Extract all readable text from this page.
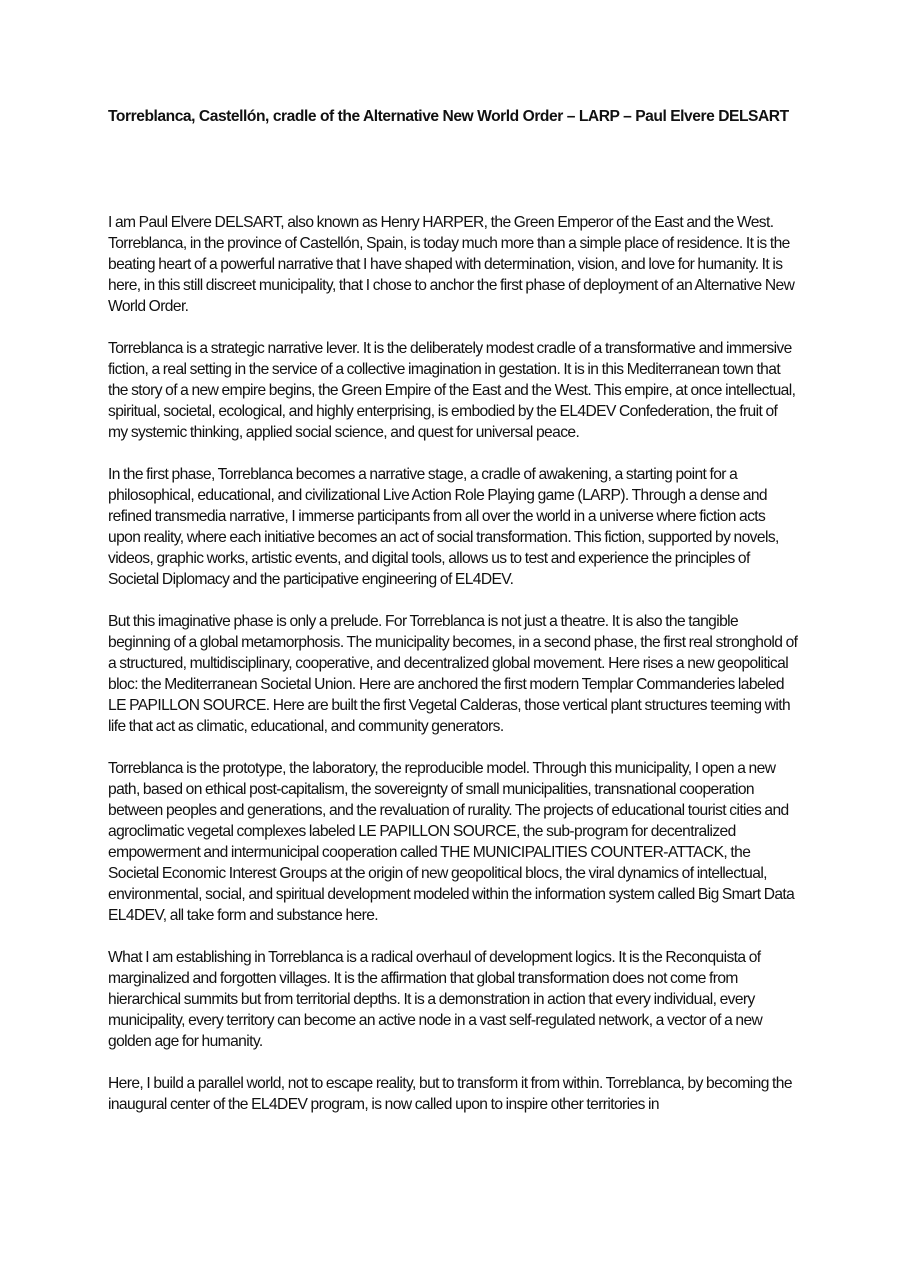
Torreblanca, Castellón, cradle of the Alternative New World Order – LARP – Paul Elvere DELSART

I am Paul Elvere DELSART, also known as Henry HARPER, the Green Emperor of the East and the West. Torreblanca, in the province of Castellón, Spain, is today much more than a simple place of residence. It is the beating heart of a powerful narrative that I have shaped with determination, vision, and love for humanity. It is here, in this still discreet municipality, that I chose to anchor the first phase of deployment of an Alternative New World Order.

Torreblanca is a strategic narrative lever. It is the deliberately modest cradle of a transformative and immersive fiction, a real setting in the service of a collective imagination in gestation. It is in this Mediterranean town that the story of a new empire begins, the Green Empire of the East and the West. This empire, at once intellectual, spiritual, societal, ecological, and highly enterprising, is embodied by the EL4DEV Confederation, the fruit of my systemic thinking, applied social science, and quest for universal peace.

In the first phase, Torreblanca becomes a narrative stage, a cradle of awakening, a starting point for a philosophical, educational, and civilizational Live Action Role Playing game (LARP). Through a dense and refined transmedia narrative, I immerse participants from all over the world in a universe where fiction acts upon reality, where each initiative becomes an act of social transformation. This fiction, supported by novels, videos, graphic works, artistic events, and digital tools, allows us to test and experience the principles of Societal Diplomacy and the participative engineering of EL4DEV.

But this imaginative phase is only a prelude. For Torreblanca is not just a theatre. It is also the tangible beginning of a global metamorphosis. The municipality becomes, in a second phase, the first real stronghold of a structured, multidisciplinary, cooperative, and decentralized global movement. Here rises a new geopolitical bloc: the Mediterranean Societal Union. Here are anchored the first modern Templar Commanderies labeled LE PAPILLON SOURCE. Here are built the first Vegetal Calderas, those vertical plant structures teeming with life that act as climatic, educational, and community generators.

Torreblanca is the prototype, the laboratory, the reproducible model. Through this municipality, I open a new path, based on ethical post-capitalism, the sovereignty of small municipalities, transnational cooperation between peoples and generations, and the revaluation of rurality. The projects of educational tourist cities and agroclimatic vegetal complexes labeled LE PAPILLON SOURCE, the sub-program for decentralized empowerment and intermunicipal cooperation called THE MUNICIPALITIES COUNTER-ATTACK, the Societal Economic Interest Groups at the origin of new geopolitical blocs, the viral dynamics of intellectual, environmental, social, and spiritual development modeled within the information system called Big Smart Data EL4DEV, all take form and substance here.

What I am establishing in Torreblanca is a radical overhaul of development logics. It is the Reconquista of marginalized and forgotten villages. It is the affirmation that global transformation does not come from hierarchical summits but from territorial depths. It is a demonstration in action that every individual, every municipality, every territory can become an active node in a vast self-regulated network, a vector of a new golden age for humanity.

Here, I build a parallel world, not to escape reality, but to transform it from within. Torreblanca, by becoming the inaugural center of the EL4DEV program, is now called upon to inspire other territories in
